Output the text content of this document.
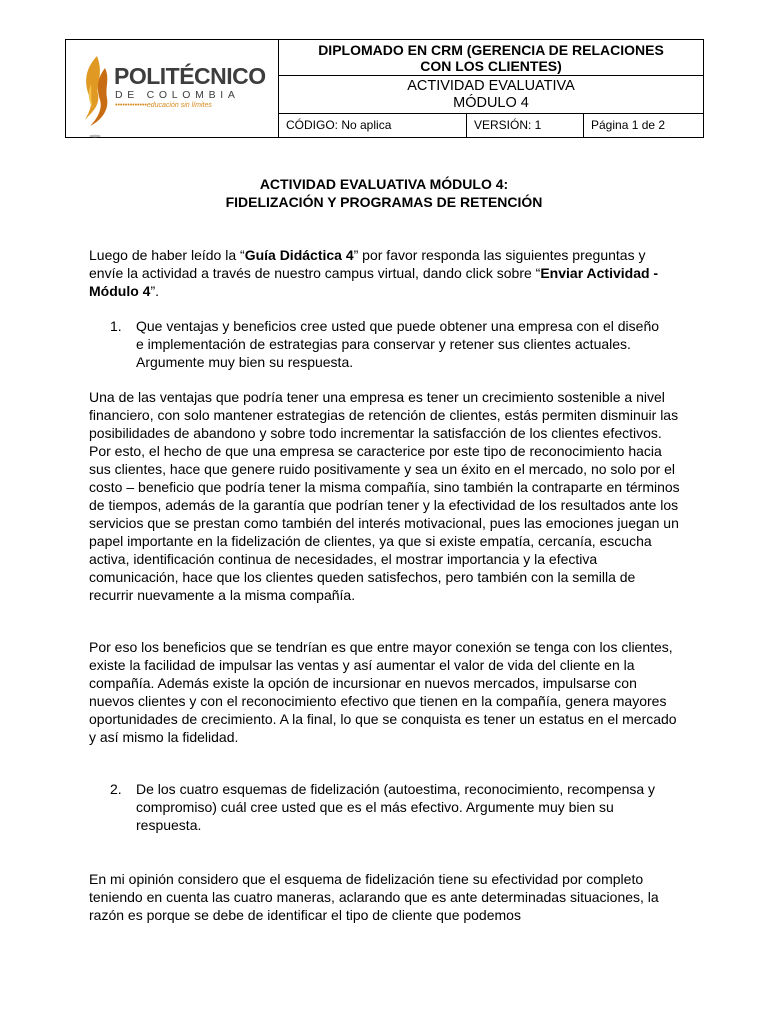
POLITÉCNICO
DE COLOMBIA
•••••••••••••educación sin límites
DIPLOMADO EN CRM (GERENCIA DE RELACIONES
CON LOS CLIENTES)
ACTIVIDAD EVALUATIVA
MÓDULO 4
CÓDIGO: No aplica	VERSIÓN: 1	Página 1 de 2
ACTIVIDAD EVALUATIVA MÓDULO 4:
FIDELIZACIÓN Y PROGRAMAS DE RETENCIÓN
Luego de haber leído la “Guía Didáctica 4” por favor responda las siguientes preguntas y envíe la actividad a través de nuestro campus virtual, dando click sobre “Enviar Actividad - Módulo 4”.
1. Que ventajas y beneficios cree usted que puede obtener una empresa con el diseño e implementación de estrategias para conservar y retener sus clientes actuales. Argumente muy bien su respuesta.
Una de las ventajas que podría tener una empresa es tener un crecimiento sostenible a nivel financiero, con solo mantener estrategias de retención de clientes, estás permiten disminuir las posibilidades de abandono y sobre todo incrementar la satisfacción de los clientes efectivos. Por esto, el hecho de que una empresa se caracterice por este tipo de reconocimiento hacia sus clientes, hace que genere ruido positivamente y sea un éxito en el mercado, no solo por el costo – beneficio que podría tener la misma compañía, sino también la contraparte en términos de tiempos, además de la garantía que podrían tener y la efectividad de los resultados ante los servicios que se prestan como también del interés motivacional, pues las emociones juegan un papel importante en la fidelización de clientes, ya que si existe empatía, cercanía, escucha activa, identificación continua de necesidades, el mostrar importancia y la efectiva comunicación, hace que los clientes queden satisfechos, pero también con la semilla de recurrir nuevamente a la misma compañía.
Por eso los beneficios que se tendrían es que entre mayor conexión se tenga con los clientes, existe la facilidad de impulsar las ventas y así aumentar el valor de vida del cliente en la compañía. Además existe la opción de incursionar en nuevos mercados, impulsarse con nuevos clientes y con el reconocimiento efectivo que tienen en la compañía, genera mayores oportunidades de crecimiento. A la final, lo que se conquista es tener un estatus en el mercado y así mismo la fidelidad.
2. De los cuatro esquemas de fidelización (autoestima, reconocimiento, recompensa y compromiso) cuál cree usted que es el más efectivo. Argumente muy bien su respuesta.
En mi opinión considero que el esquema de fidelización tiene su efectividad por completo teniendo en cuenta las cuatro maneras, aclarando que es ante determinadas situaciones, la razón es porque se debe de identificar el tipo de cliente que podemos
